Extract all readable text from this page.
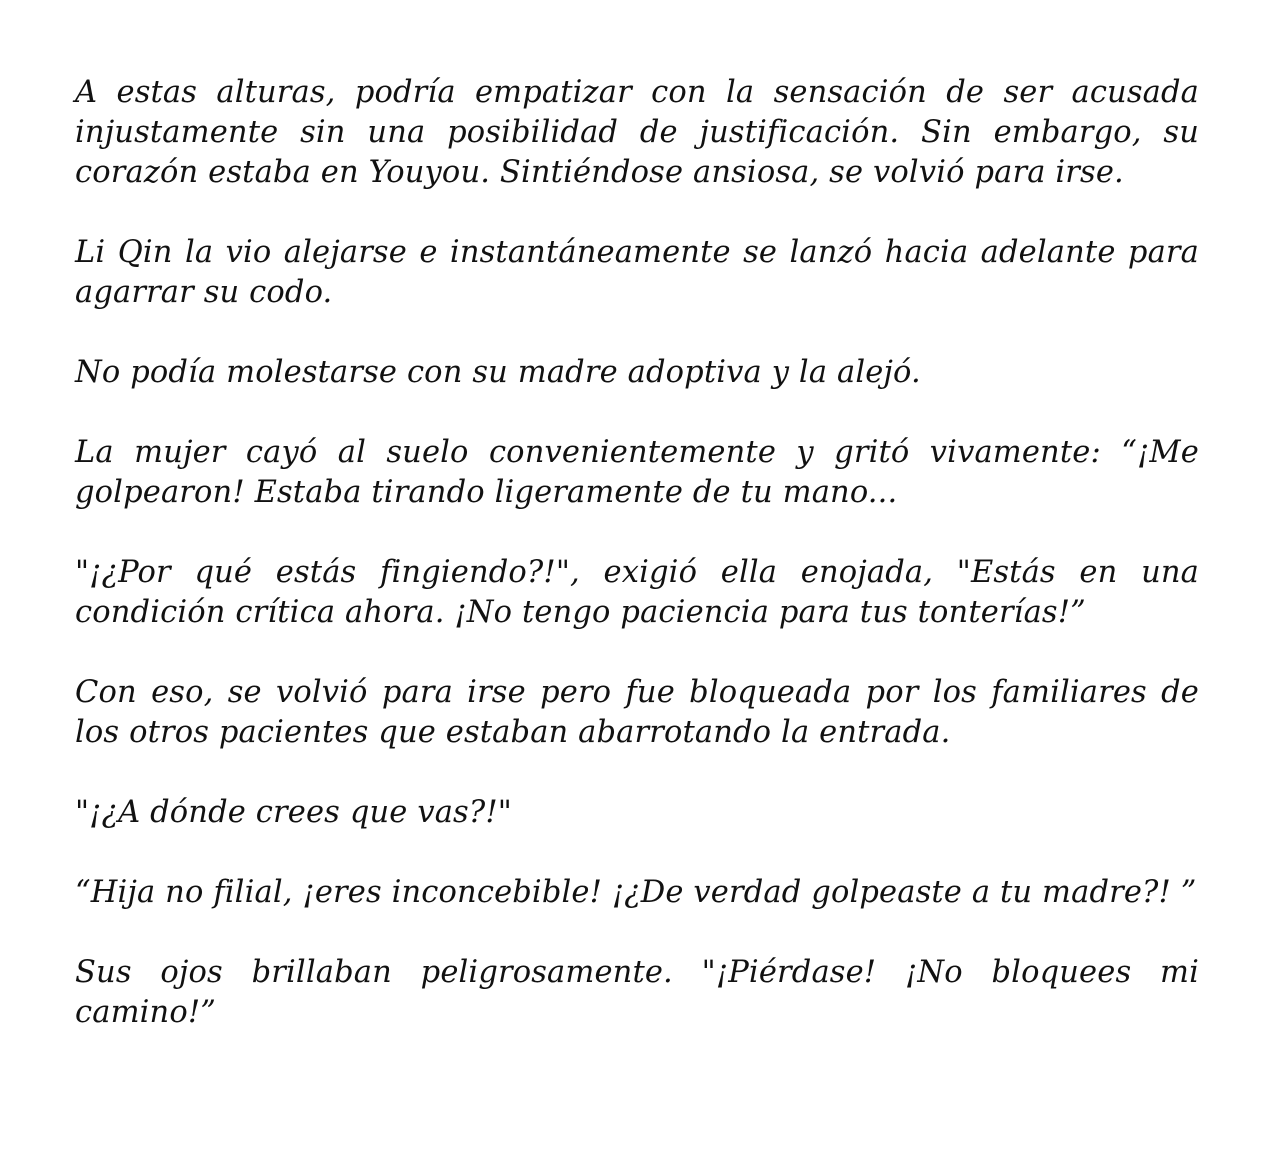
A estas alturas, podría empatizar con la sensación de ser acusada injustamente sin una posibilidad de justificación. Sin embargo, su corazón estaba en Youyou. Sintiéndose ansiosa, se volvió para irse.

Li Qin la vio alejarse e instantáneamente se lanzó hacia adelante para agarrar su codo.

No podía molestarse con su madre adoptiva y la alejó.

La mujer cayó al suelo convenientemente y gritó vivamente: “¡Me golpearon! Estaba tirando ligeramente de tu mano...

"¡¿Por qué estás fingiendo?!", exigió ella enojada, "Estás en una condición crítica ahora. ¡No tengo paciencia para tus tonterías!”

Con eso, se volvió para irse pero fue bloqueada por los familiares de los otros pacientes que estaban abarrotando la entrada.

"¡¿A dónde crees que vas?!"

“Hija no filial, ¡eres inconcebible! ¡¿De verdad golpeaste a tu madre?! ”

Sus ojos brillaban peligrosamente. "¡Piérdase! ¡No bloquees mi camino!”
